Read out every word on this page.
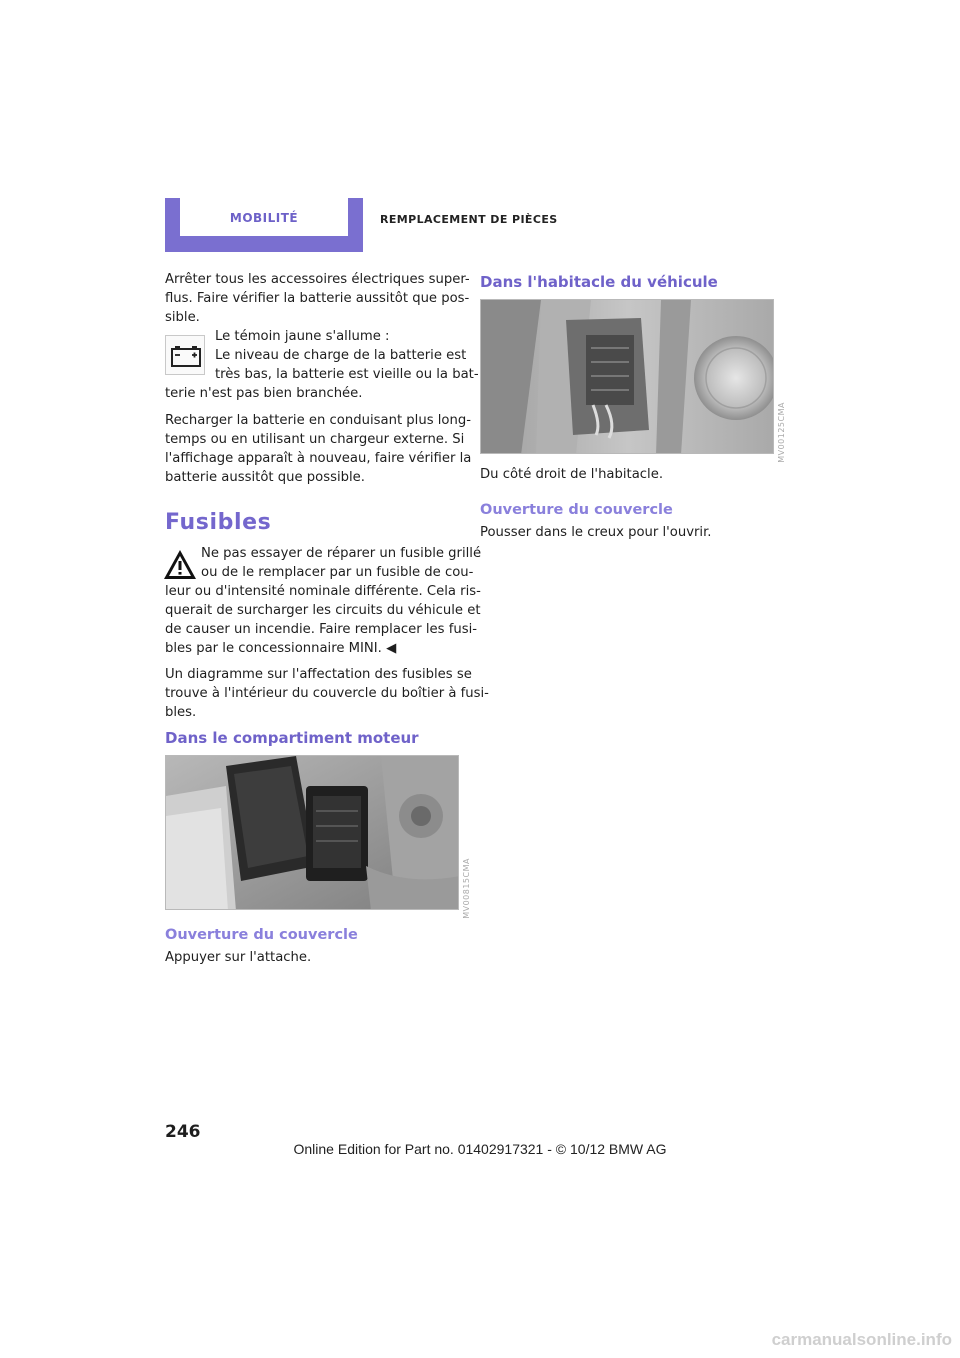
MOBILITÉ	REMPLACEMENT DE PIÈCES
Arrêter tous les accessoires électriques super-
flus. Faire vérifier la batterie aussitôt que pos-
sible.
Le témoin jaune s'allume :
Le niveau de charge de la batterie est
très bas, la batterie est vieille ou la bat-
terie n'est pas bien branchée.
Recharger la batterie en conduisant plus long-
temps ou en utilisant un chargeur externe. Si
l'affichage apparaît à nouveau, faire vérifier la
batterie aussitôt que possible.
Fusibles
Ne pas essayer de réparer un fusible grillé
ou de le remplacer par un fusible de cou-
leur ou d'intensité nominale différente. Cela ris-
querait de surcharger les circuits du véhicule et
de causer un incendie. Faire remplacer les fusi-
bles par le concessionnaire MINI. ◀
Un diagramme sur l'affectation des fusibles se
trouve à l'intérieur du couvercle du boîtier à fusi-
bles.
Dans le compartiment moteur
MV00815CMA
Ouverture du couvercle
Appuyer sur l'attache.
Dans l'habitacle du véhicule
MV00125CMA
Du côté droit de l'habitacle.
Ouverture du couvercle
Pousser dans le creux pour l'ouvrir.
246
Online Edition for Part no. 01402917321 - © 10/12 BMW AG
carmanualsonline.info
